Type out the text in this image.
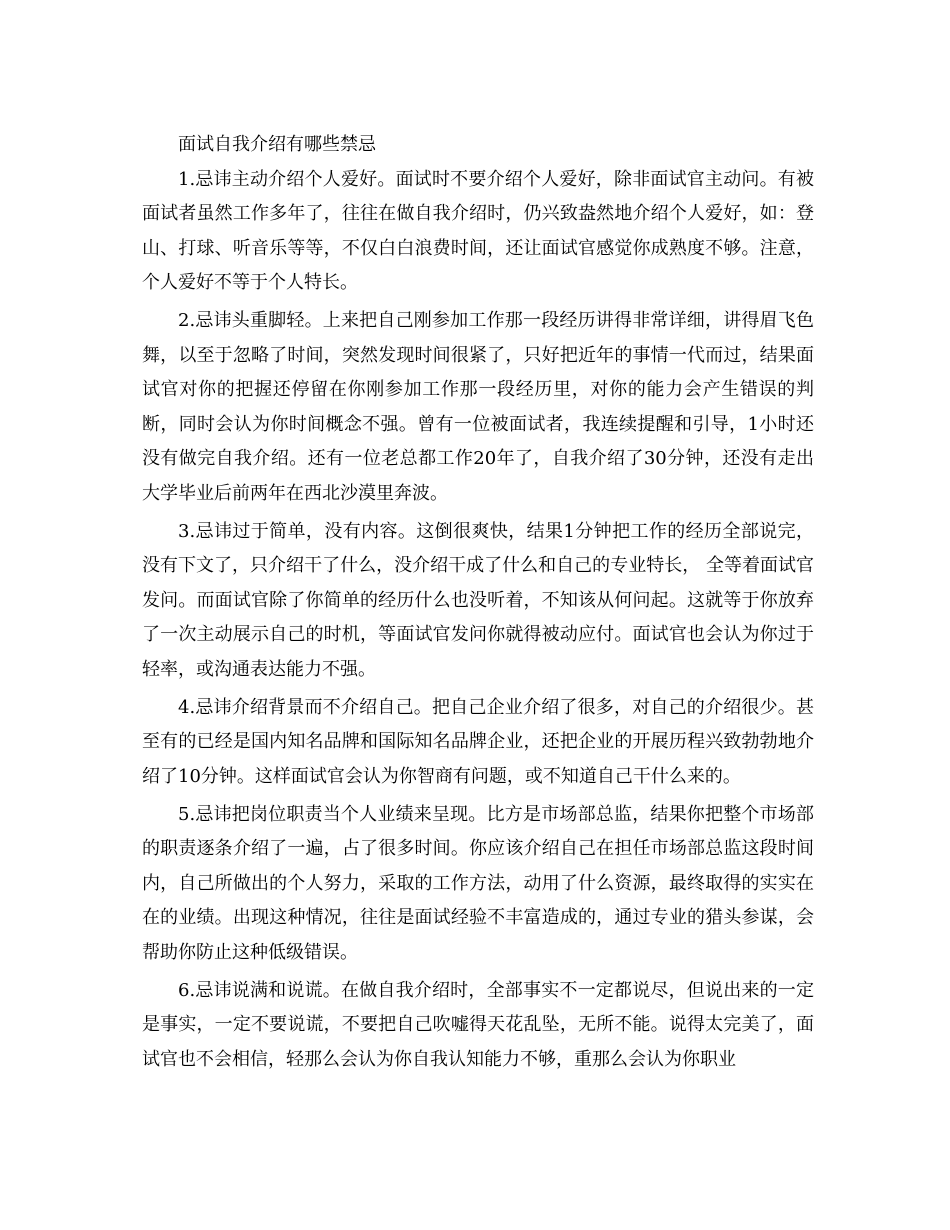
面试自我介绍有哪些禁忌

1.忌讳主动介绍个人爱好。面试时不要介绍个人爱好，除非面试官主动问。有被面试者虽然工作多年了，往往在做自我介绍时，仍兴致盎然地介绍个人爱好，如：登山、打球、听音乐等等，不仅白白浪费时间，还让面试官感觉你成熟度不够。注意，个人爱好不等于个人特长。

2.忌讳头重脚轻。上来把自己刚参加工作那一段经历讲得非常详细，讲得眉飞色舞，以至于忽略了时间，突然发现时间很紧了，只好把近年的事情一代而过，结果面试官对你的把握还停留在你刚参加工作那一段经历里，对你的能力会产生错误的判断，同时会认为你时间概念不强。曾有一位被面试者，我连续提醒和引导，1小时还没有做完自我介绍。还有一位老总都工作20年了，自我介绍了30分钟，还没有走出大学毕业后前两年在西北沙漠里奔波。

3.忌讳过于简单，没有内容。这倒很爽快，结果1分钟把工作的经历全部说完，没有下文了，只介绍干了什么，没介绍干成了什么和自己的专业特长， 全等着面试官发问。而面试官除了你简单的经历什么也没听着，不知该从何问起。这就等于你放弃了一次主动展示自己的时机，等面试官发问你就得被动应付。面试官也会认为你过于轻率，或沟通表达能力不强。

4.忌讳介绍背景而不介绍自己。把自己企业介绍了很多，对自己的介绍很少。甚至有的已经是国内知名品牌和国际知名品牌企业，还把企业的开展历程兴致勃勃地介绍了10分钟。这样面试官会认为你智商有问题，或不知道自己干什么来的。

5.忌讳把岗位职责当个人业绩来呈现。比方是市场部总监，结果你把整个市场部的职责逐条介绍了一遍，占了很多时间。你应该介绍自己在担任市场部总监这段时间内，自己所做出的个人努力，采取的工作方法，动用了什么资源，最终取得的实实在在的业绩。出现这种情况，往往是面试经验不丰富造成的，通过专业的猎头参谋，会帮助你防止这种低级错误。

6.忌讳说满和说谎。在做自我介绍时，全部事实不一定都说尽，但说出来的一定是事实，一定不要说谎，不要把自己吹嘘得天花乱坠，无所不能。说得太完美了，面试官也不会相信，轻那么会认为你自我认知能力不够，重那么会认为你职业
